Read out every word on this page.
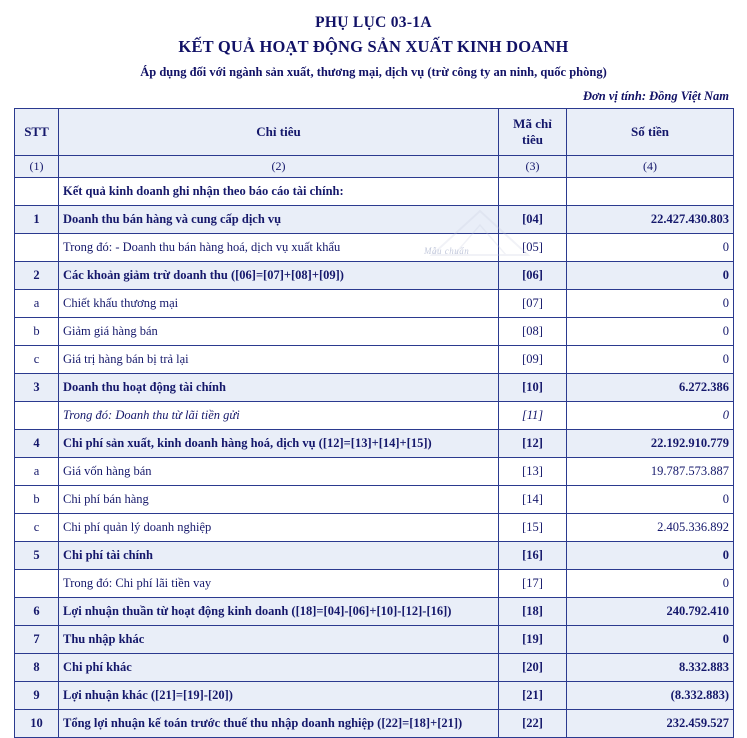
PHỤ LỤC 03-1A
KẾT QUẢ HOẠT ĐỘNG SẢN XUẤT KINH DOANH
Áp dụng đối với ngành sản xuất, thương mại, dịch vụ (trừ công ty an ninh, quốc phòng)
Đơn vị tính: Đồng Việt Nam
STT	Chỉ tiêu	Mã chỉ tiêu	Số tiền
(1)	(2)	(3)	(4)
	Kết quả kinh doanh ghi nhận theo báo cáo tài chính:		
1	Doanh thu bán hàng và cung cấp dịch vụ	[04]	22.427.430.803
	Trong đó: - Doanh thu bán hàng hoá, dịch vụ xuất khẩu	[05]	0
2	Các khoản giảm trừ doanh thu ([06]=[07]+[08]+[09])	[06]	0
a	Chiết khấu thương mại	[07]	0
b	Giảm giá hàng bán	[08]	0
c	Giá trị hàng bán bị trả lại	[09]	0
3	Doanh thu hoạt động tài chính	[10]	6.272.386
	Trong đó: Doanh thu từ lãi tiền gửi	[11]	0
4	Chi phí sản xuất, kinh doanh hàng hoá, dịch vụ ([12]=[13]+[14]+[15])	[12]	22.192.910.779
a	Giá vốn hàng bán	[13]	19.787.573.887
b	Chi phí bán hàng	[14]	0
c	Chi phí quản lý doanh nghiệp	[15]	2.405.336.892
5	Chi phí tài chính	[16]	0
	Trong đó: Chi phí lãi tiền vay	[17]	0
6	Lợi nhuận thuần từ hoạt động kinh doanh ([18]=[04]-[06]+[10]-[12]-[16])	[18]	240.792.410
7	Thu nhập khác	[19]	0
8	Chi phí khác	[20]	8.332.883
9	Lợi nhuận khác ([21]=[19]-[20])	[21]	(8.332.883)
10	Tổng lợi nhuận kế toán trước thuế thu nhập doanh nghiệp ([22]=[18]+[21])	[22]	232.459.527
Mẫu chuẩn
